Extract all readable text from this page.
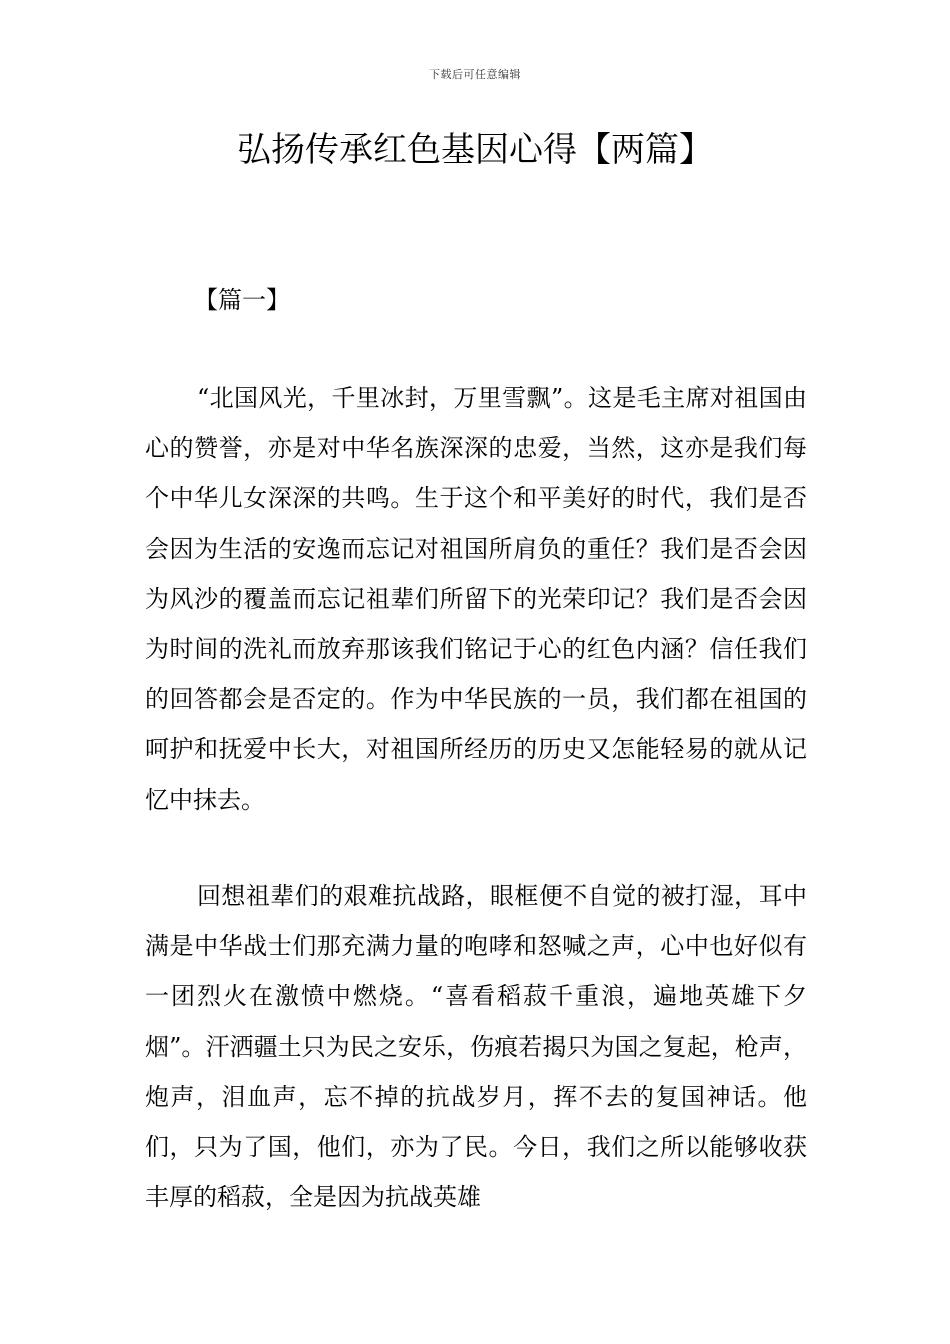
下载后可任意编辑
弘扬传承红色基因心得【两篇】
【篇一】

“北国风光，千里冰封，万里雪飘”。这是毛主席对祖国由心的赞誉，亦是对中华名族深深的忠爱，当然，这亦是我们每个中华儿女深深的共鸣。生于这个和平美好的时代，我们是否会因为生活的安逸而忘记对祖国所肩负的重任？我们是否会因为风沙的覆盖而忘记祖辈们所留下的光荣印记？我们是否会因为时间的洗礼而放弃那该我们铭记于心的红色内涵？信任我们的回答都会是否定的。作为中华民族的一员，我们都在祖国的呵护和抚爱中长大，对祖国所经历的历史又怎能轻易的就从记忆中抹去。

回想祖辈们的艰难抗战路，眼框便不自觉的被打湿，耳中满是中华战士们那充满力量的咆哮和怒喊之声，心中也好似有一团烈火在激愤中燃烧。“喜看稻菽千重浪，遍地英雄下夕烟”。汗洒疆土只为民之安乐，伤痕若揭只为国之复起，枪声，炮声，泪血声，忘不掉的抗战岁月，挥不去的复国神话。他们，只为了国，他们，亦为了民。今日，我们之所以能够收获丰厚的稻菽，全是因为抗战英雄
